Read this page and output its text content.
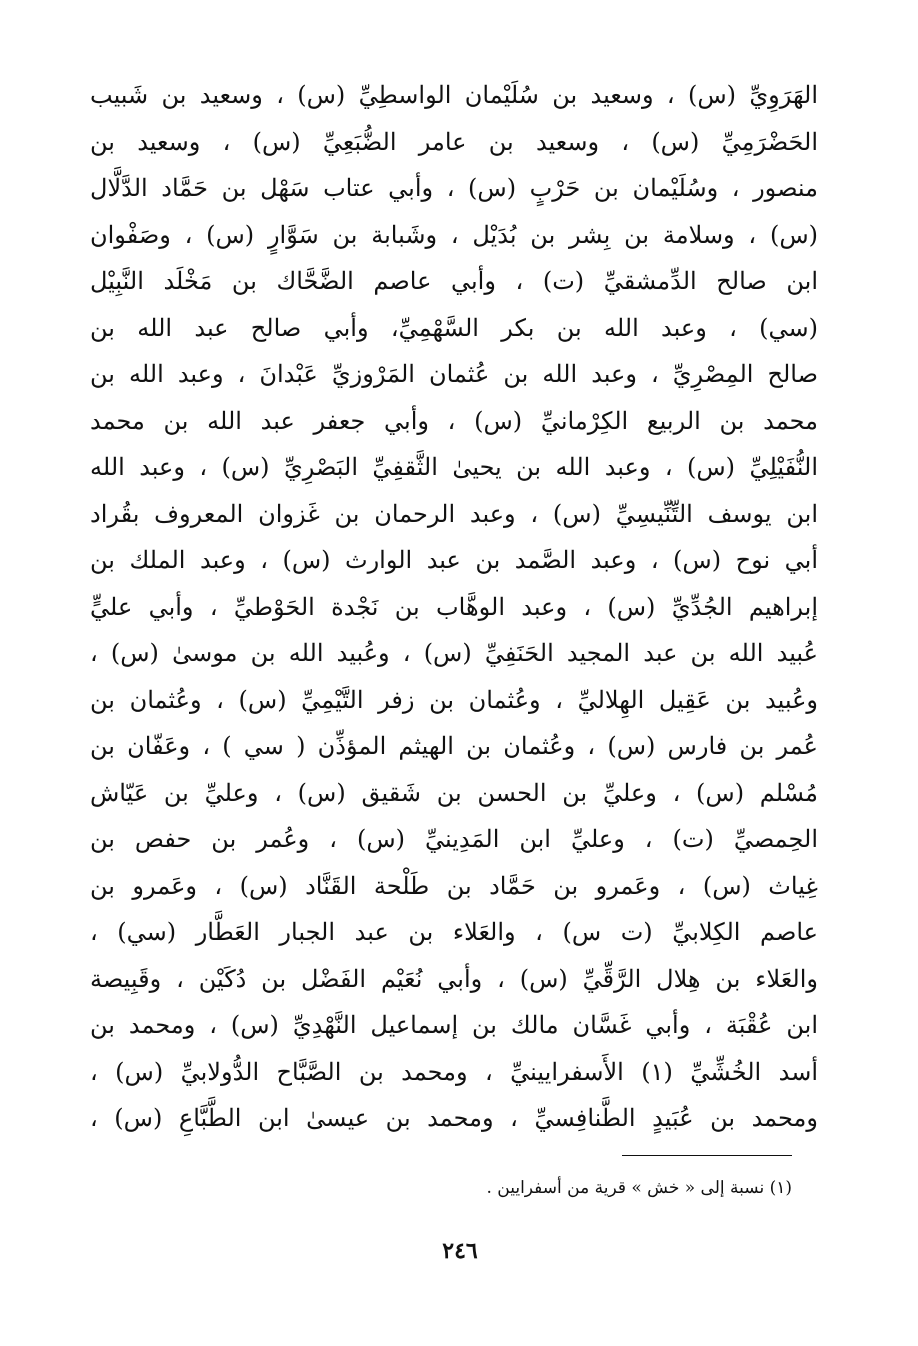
الهَرَوِيِّ (س) ، وسعيد بن سُلَيْمان الواسطِيِّ (س) ، وسعيد بن شَبيب
الحَضْرَمِيِّ (س) ، وسعيد بن عامر الضُّبَعِيِّ (س) ، وسعيد بن
منصور ، وسُلَيْمان بن حَرْبٍ (س) ، وأبي عتاب سَهْل بن حَمَّاد الدَّلَّال
(س) ، وسلامة بن بِشر بن بُدَيْل ، وشَبابة بن سَوَّارٍ (س) ، وصَفْوان
ابن صالح الدِّمشقيِّ (ت) ، وأبي عاصم الضَّحَّاك بن مَخْلَد النَّبِيْل
(سي) ، وعبد الله بن بكر السَّهْمِيِّ، وأبي صالح عبد الله بن
صالح المِصْرِيِّ ، وعبد الله بن عُثمان المَرْوزيِّ عَبْدانَ ، وعبد الله بن
محمد بن الربيع الكِرْمانيِّ (س) ، وأبي جعفر عبد الله بن محمد
النُّفَيْلِيِّ (س) ، وعبد الله بن يحيىٰ الثَّقفِيِّ البَصْرِيِّ (س) ، وعبد الله
ابن يوسف التِّنِّيسِيِّ (س) ، وعبد الرحمان بن غَزوان المعروف بقُراد
أبي نوح (س) ، وعبد الصَّمد بن عبد الوارث (س) ، وعبد الملك بن
إبراهيم الجُدِّيِّ (س) ، وعبد الوهَّاب بن نَجْدة الحَوْطيِّ ، وأبي عليٍّ
عُبيد الله بن عبد المجيد الحَنَفِيِّ (س) ، وعُبيد الله بن موسىٰ (س) ،
وعُبيد بن عَقِيل الهِلاليِّ ، وعُثمان بن زفر التَّيْمِيِّ (س) ، وعُثمان بن
عُمر بن فارس (س) ، وعُثمان بن الهيثم المؤذِّن ( سي ) ، وعَفّان بن
مُسْلم (س) ، وعليِّ بن الحسن بن شَقيق (س) ، وعليِّ بن عَيّاش
الحِمصيِّ (ت) ، وعليِّ ابن المَدِينيِّ (س) ، وعُمر بن حفص بن
غِياث (س) ، وعَمرو بن حَمَّاد بن طَلْحة القَنَّاد (س) ، وعَمرو بن
عاصم الكِلابيِّ (ت س) ، والعَلاء بن عبد الجبار العَطَّار (سي) ،
والعَلاء بن هِلال الرَّقِّيِّ (س) ، وأبي نُعَيْم الفَضْل بن دُكَيْن ، وقَبِيصة
ابن عُقْبَة ، وأبي غَسَّان مالك بن إسماعيل النَّهْدِيِّ (س) ، ومحمد بن
أسد الخُشِّيِّ (١) الأَسفرايينيِّ ، ومحمد بن الصَّبَّاح الدُّولابيِّ (س) ،
ومحمد بن عُبَيدٍ الطَّنافِسيِّ ، ومحمد بن عيسىٰ ابن الطَّبَّاعِ (س) ،
(١) نسبة إلى « خش » قرية من أسفرايين .
٢٤٦
